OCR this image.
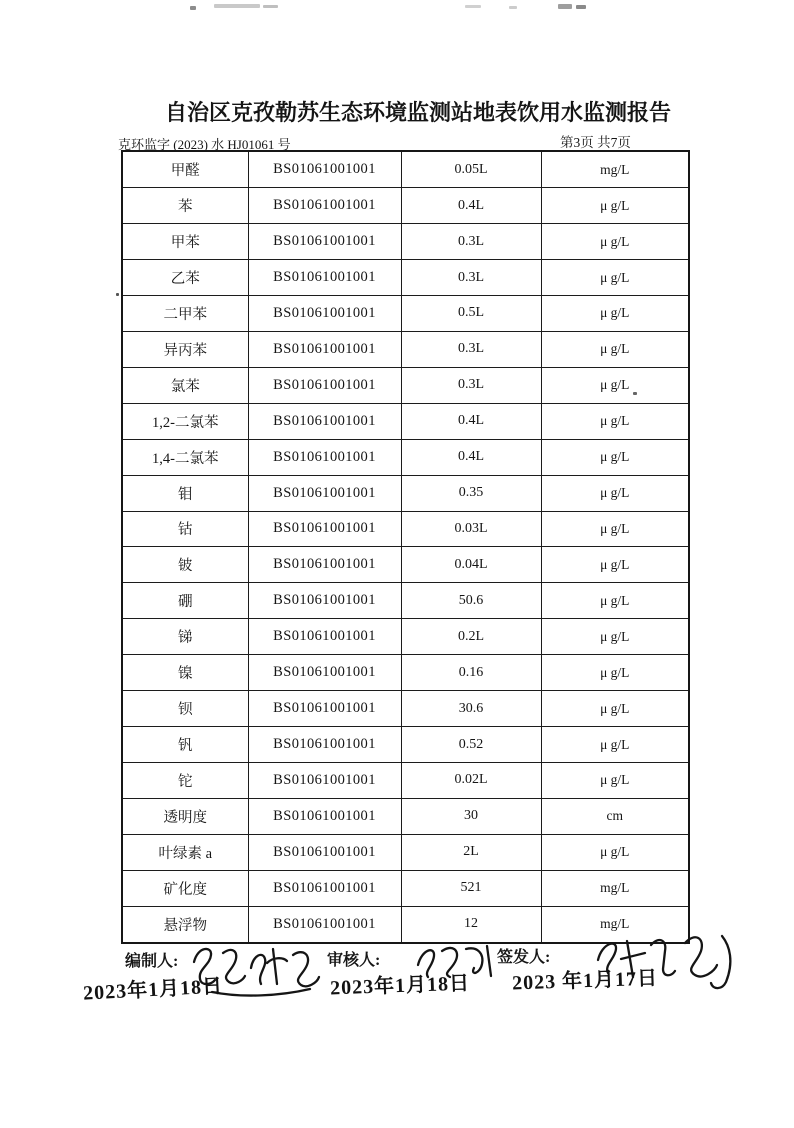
自治区克孜勒苏生态环境监测站地表饮用水监测报告
克环监字 (2023) 水 HJ01061 号	第3页 共7页
甲醛	BS01061001001	0.05L	mg/L
苯	BS01061001001	0.4L	μ g/L
甲苯	BS01061001001	0.3L	μ g/L
乙苯	BS01061001001	0.3L	μ g/L
二甲苯	BS01061001001	0.5L	μ g/L
异丙苯	BS01061001001	0.3L	μ g/L
氯苯	BS01061001001	0.3L	μ g/L
1,2-二氯苯	BS01061001001	0.4L	μ g/L
1,4-二氯苯	BS01061001001	0.4L	μ g/L
钼	BS01061001001	0.35	μ g/L
钴	BS01061001001	0.03L	μ g/L
铍	BS01061001001	0.04L	μ g/L
硼	BS01061001001	50.6	μ g/L
锑	BS01061001001	0.2L	μ g/L
镍	BS01061001001	0.16	μ g/L
钡	BS01061001001	30.6	μ g/L
钒	BS01061001001	0.52	μ g/L
铊	BS01061001001	0.02L	μ g/L
透明度	BS01061001001	30	cm
叶绿素 a	BS01061001001	2L	μ g/L
矿化度	BS01061001001	521	mg/L
悬浮物	BS01061001001	12	mg/L
编制人:	审核人:	签发人:
2023年1月18日	2023年1月18日 2023 年1月17日
